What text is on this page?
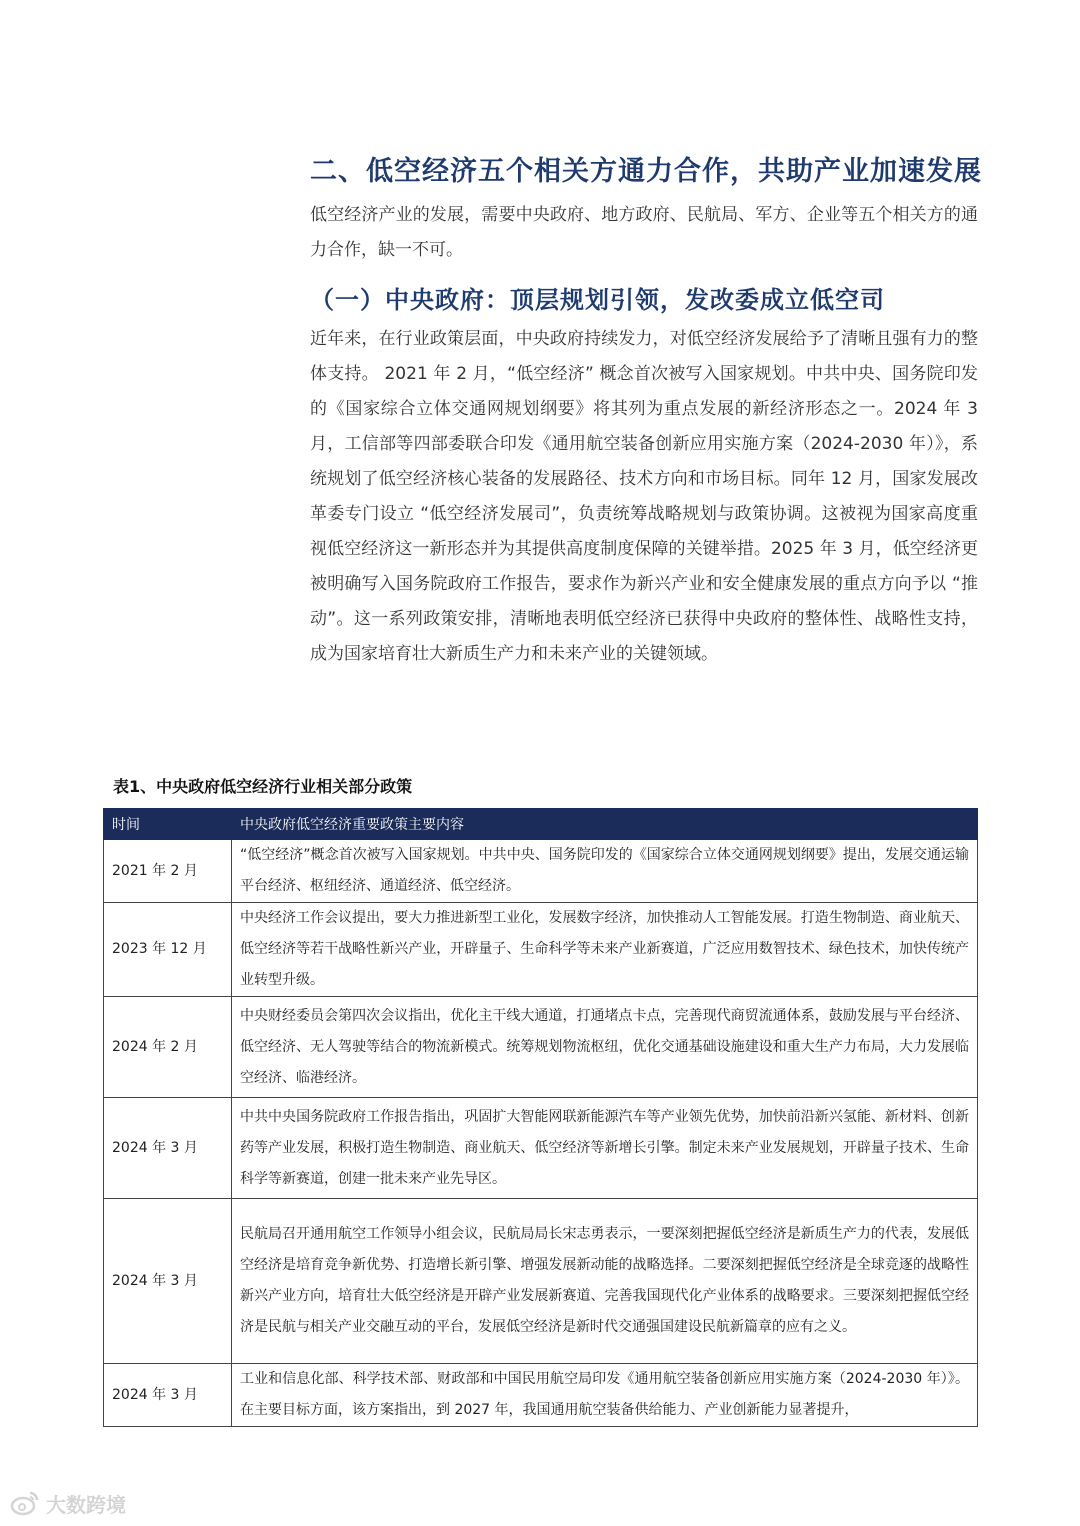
二、低空经济五个相关方通力合作，共助产业加速发展

低空经济产业的发展，需要中央政府、地方政府、民航局、军方、企业等五个相关方的通力合作，缺一不可。

（一）中央政府：顶层规划引领，发改委成立低空司

近年来，在行业政策层面，中央政府持续发力，对低空经济发展给予了清晰且强有力的整体支持。 2021 年 2 月，“低空经济” 概念首次被写入国家规划。中共中央、国务院印发的《国家综合立体交通网规划纲要》将其列为重点发展的新经济形态之一。2024 年 3 月，工信部等四部委联合印发《通用航空装备创新应用实施方案（2024-2030 年）》，系统规划了低空经济核心装备的发展路径、技术方向和市场目标。同年 12 月，国家发展改革委专门设立 “低空经济发展司”，负责统筹战略规划与政策协调。这被视为国家高度重视低空经济这一新形态并为其提供高度制度保障的关键举措。2025 年 3 月，低空经济更被明确写入国务院政府工作报告，要求作为新兴产业和安全健康发展的重点方向予以 “推动”。这一系列政策安排，清晰地表明低空经济已获得中央政府的整体性、战略性支持，成为国家培育壮大新质生产力和未来产业的关键领域。

表1、中央政府低空经济行业相关部分政策

时间	中央政府低空经济重要政策主要内容
2021 年 2 月	“低空经济”概念首次被写入国家规划。中共中央、国务院印发的《国家综合立体交通网规划纲要》提出，发展交通运输平台经济、枢纽经济、通道经济、低空经济。
2023 年 12 月	中央经济工作会议提出，要大力推进新型工业化，发展数字经济，加快推动人工智能发展。打造生物制造、商业航天、低空经济等若干战略性新兴产业，开辟量子、生命科学等未来产业新赛道，广泛应用数智技术、绿色技术，加快传统产业转型升级。
2024 年 2 月	中央财经委员会第四次会议指出，优化主干线大通道，打通堵点卡点，完善现代商贸流通体系，鼓励发展与平台经济、低空经济、无人驾驶等结合的物流新模式。统筹规划物流枢纽，优化交通基础设施建设和重大生产力布局，大力发展临空经济、临港经济。
2024 年 3 月	中共中央国务院政府工作报告指出，巩固扩大智能网联新能源汽车等产业领先优势，加快前沿新兴氢能、新材料、创新药等产业发展，积极打造生物制造、商业航天、低空经济等新增长引擎。制定未来产业发展规划，开辟量子技术、生命科学等新赛道，创建一批未来产业先导区。
2024 年 3 月	民航局召开通用航空工作领导小组会议，民航局局长宋志勇表示，一要深刻把握低空经济是新质生产力的代表，发展低空经济是培育竞争新优势、打造增长新引擎、增强发展新动能的战略选择。二要深刻把握低空经济是全球竞逐的战略性新兴产业方向，培育壮大低空经济是开辟产业发展新赛道、完善我国现代化产业体系的战略要求。三要深刻把握低空经济是民航与相关产业交融互动的平台，发展低空经济是新时代交通强国建设民航新篇章的应有之义。
2024 年 3 月	工业和信息化部、科学技术部、财政部和中国民用航空局印发《通用航空装备创新应用实施方案（2024-2030 年）》。在主要目标方面，该方案指出，到 2027 年，我国通用航空装备供给能力、产业创新能力显著提升，
大数跨境
